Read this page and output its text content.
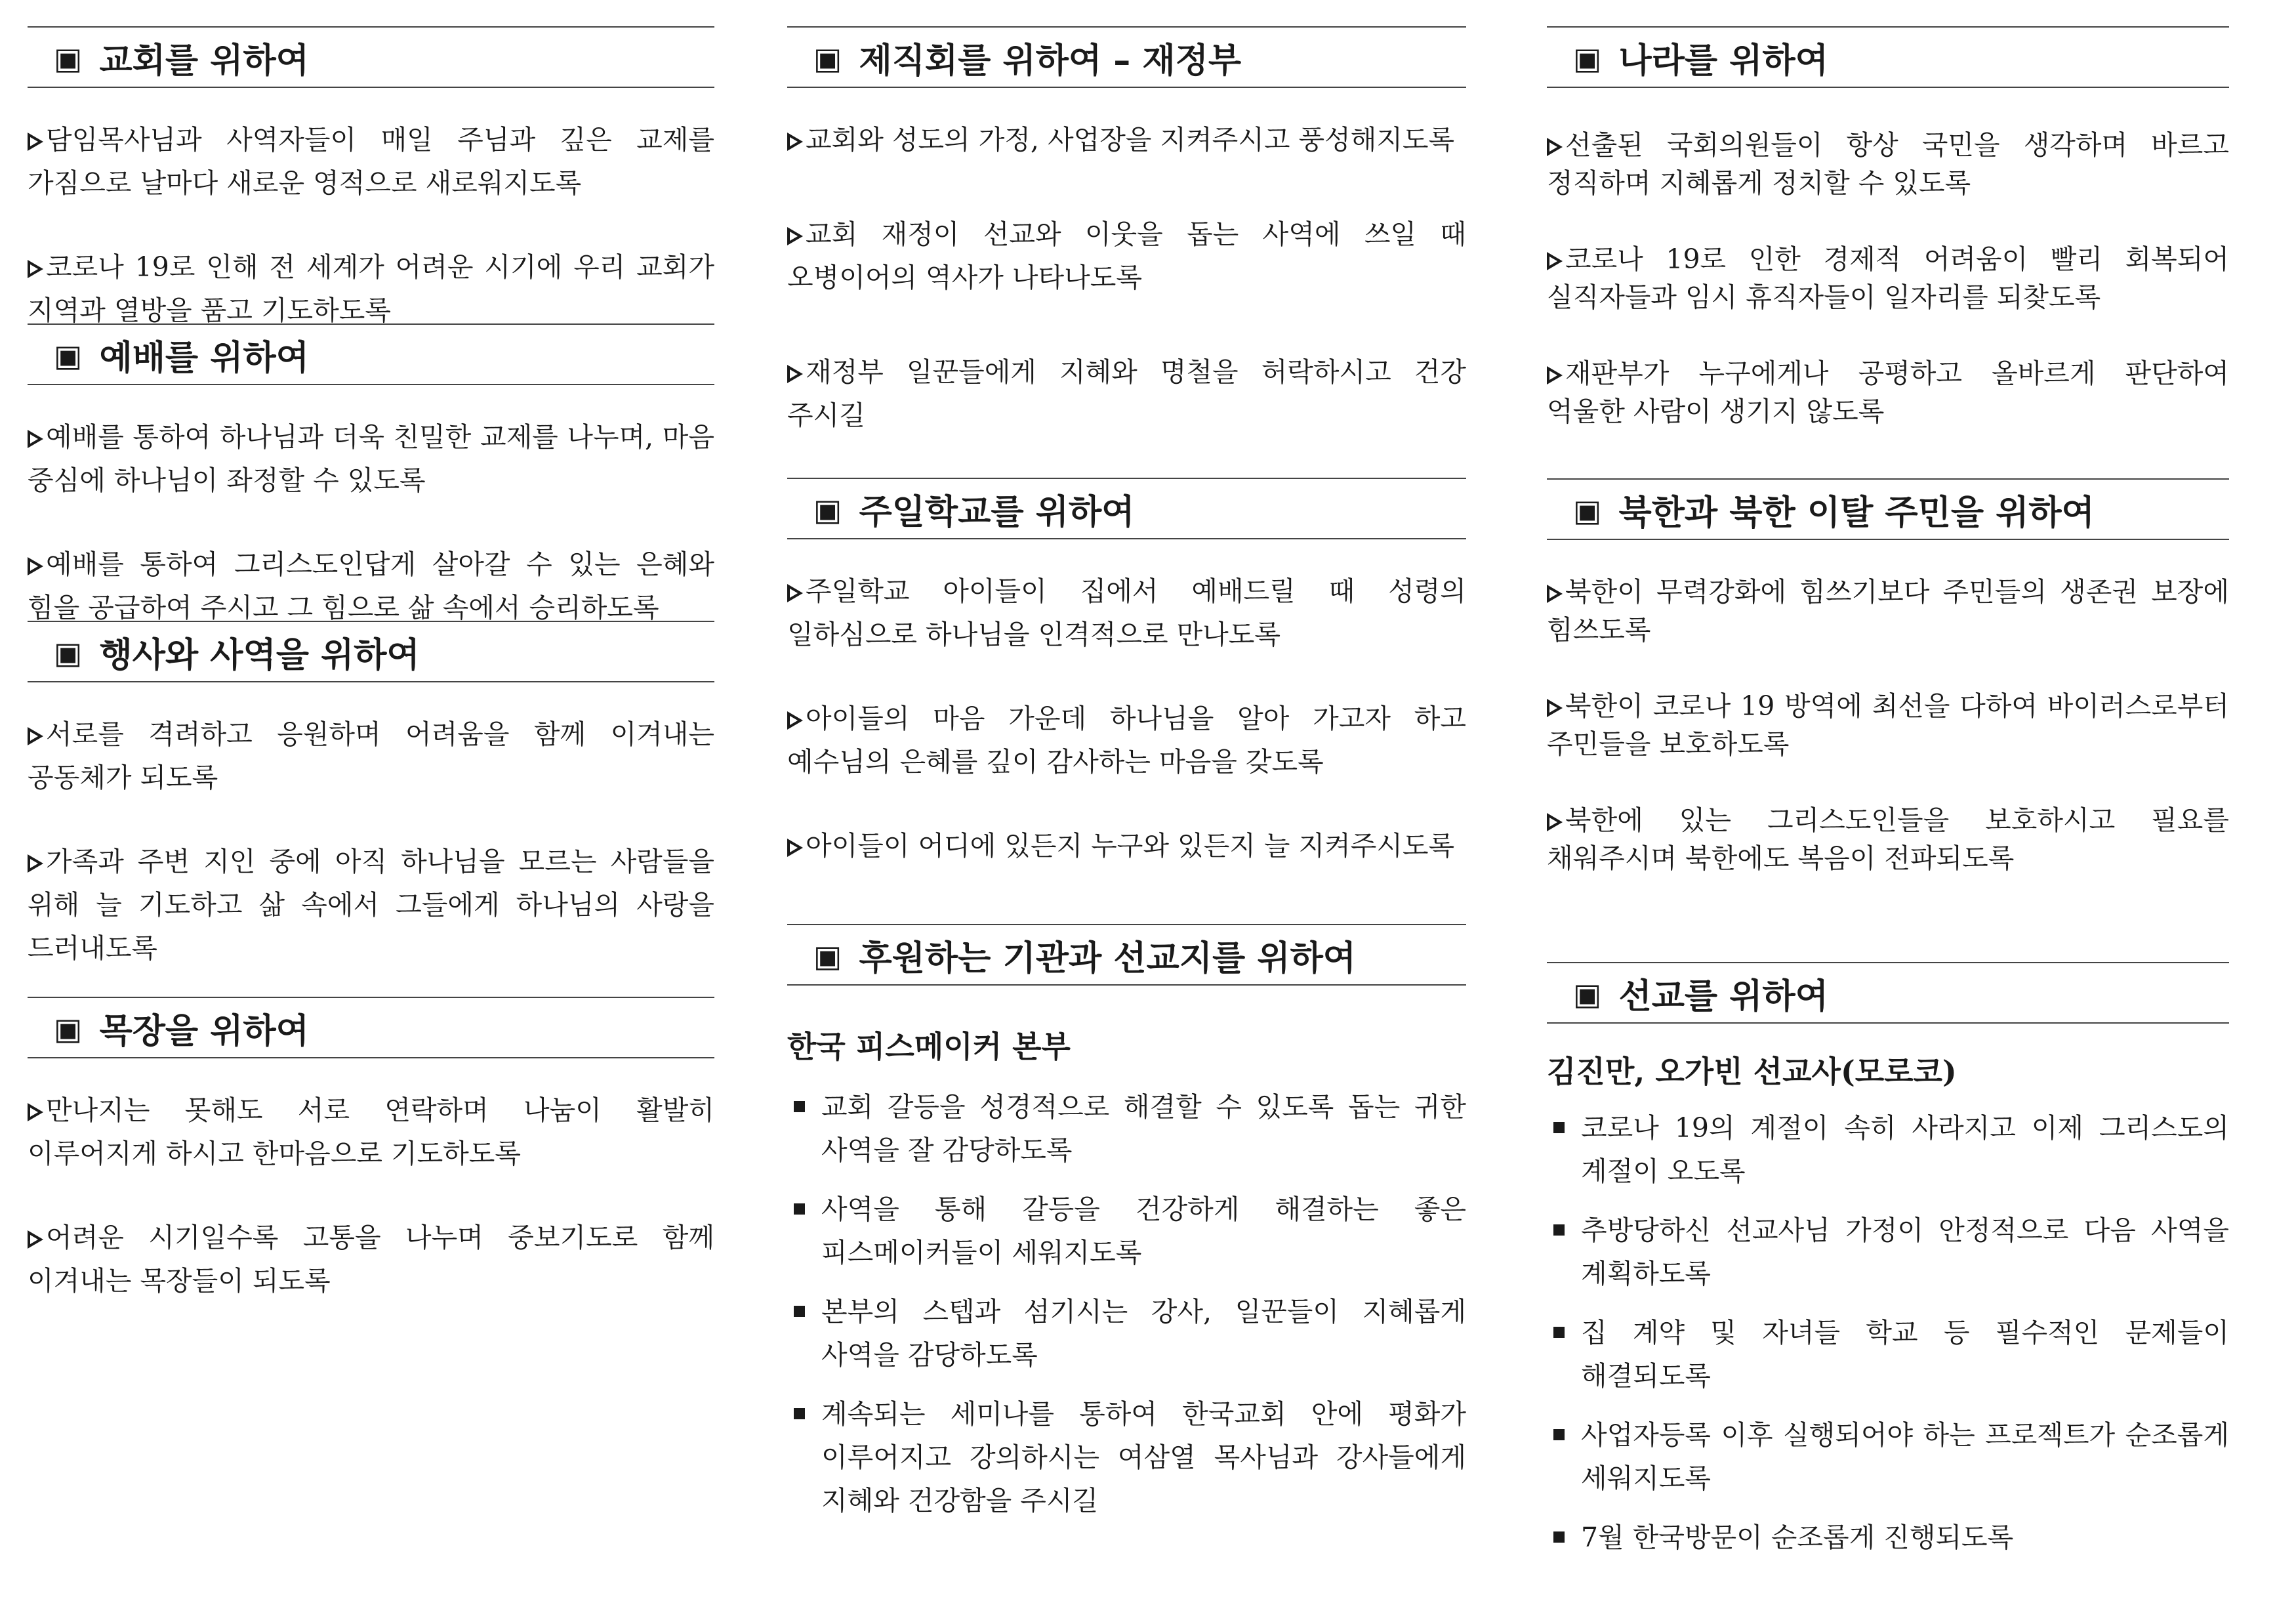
▣ 교회를 위하여

담임목사님과 사역자들이 매일 주님과 깊은 교제를 가짐으로 날마다 새로운 영적으로 새로워지도록

코로나 19로 인해 전 세계가 어려운 시기에 우리 교회가 지역과 열방을 품고 기도하도록

▣ 예배를 위하여

예배를 통하여 하나님과 더욱 친밀한 교제를 나누며, 마음 중심에 하나님이 좌정할 수 있도록

예배를 통하여 그리스도인답게 살아갈 수 있는 은혜와 힘을 공급하여 주시고 그 힘으로 삶 속에서 승리하도록

▣ 행사와 사역을 위하여

서로를 격려하고 응원하며 어려움을 함께 이겨내는 공동체가 되도록

가족과 주변 지인 중에 아직 하나님을 모르는 사람들을 위해 늘 기도하고 삶 속에서 그들에게 하나님의 사랑을 드러내도록

▣ 목장을 위하여

만나지는 못해도 서로 연락하며 나눔이 활발히 이루어지게 하시고 한마음으로 기도하도록

어려운 시기일수록 고통을 나누며 중보기도로 함께 이겨내는 목장들이 되도록

▣ 제직회를 위하여 – 재정부

교회와 성도의 가정, 사업장을 지켜주시고 풍성해지도록

교회 재정이 선교와 이웃을 돕는 사역에 쓰일 때 오병이어의 역사가 나타나도록

재정부 일꾼들에게 지혜와 명철을 허락하시고 건강 주시길

▣ 주일학교를 위하여

주일학교 아이들이 집에서 예배드릴 때 성령의 일하심으로 하나님을 인격적으로 만나도록

아이들의 마음 가운데 하나님을 알아 가고자 하고 예수님의 은혜를 깊이 감사하는 마음을 갖도록

아이들이 어디에 있든지 누구와 있든지 늘 지켜주시도록

▣ 후원하는 기관과 선교지를 위하여
한국 피스메이커 본부
교회 갈등을 성경적으로 해결할 수 있도록 돕는 귀한 사역을 잘 감당하도록
사역을 통해 갈등을 건강하게 해결하는 좋은 피스메이커들이 세워지도록
본부의 스텝과 섬기시는 강사, 일꾼들이 지혜롭게 사역을 감당하도록
계속되는 세미나를 통하여 한국교회 안에 평화가 이루어지고 강의하시는 여삼열 목사님과 강사들에게 지혜와 건강함을 주시길
▣ 나라를 위하여

선출된 국회의원들이 항상 국민을 생각하며 바르고 정직하며 지혜롭게 정치할 수 있도록

코로나 19로 인한 경제적 어려움이 빨리 회복되어 실직자들과 임시 휴직자들이 일자리를 되찾도록

재판부가 누구에게나 공평하고 올바르게 판단하여 억울한 사람이 생기지 않도록

▣ 북한과 북한 이탈 주민을 위하여

북한이 무력강화에 힘쓰기보다 주민들의 생존권 보장에 힘쓰도록

북한이 코로나 19 방역에 최선을 다하여 바이러스로부터 주민들을 보호하도록

북한에 있는 그리스도인들을 보호하시고 필요를 채워주시며 북한에도 복음이 전파되도록

▣ 선교를 위하여
김진만, 오가빈 선교사(모로코)
코로나 19의 계절이 속히 사라지고 이제 그리스도의 계절이 오도록
추방당하신 선교사님 가정이 안정적으로 다음 사역을 계획하도록
집 계약 및 자녀들 학교 등 필수적인 문제들이 해결되도록
사업자등록 이후 실행되어야 하는 프로젝트가 순조롭게 세워지도록
7월 한국방문이 순조롭게 진행되도록
